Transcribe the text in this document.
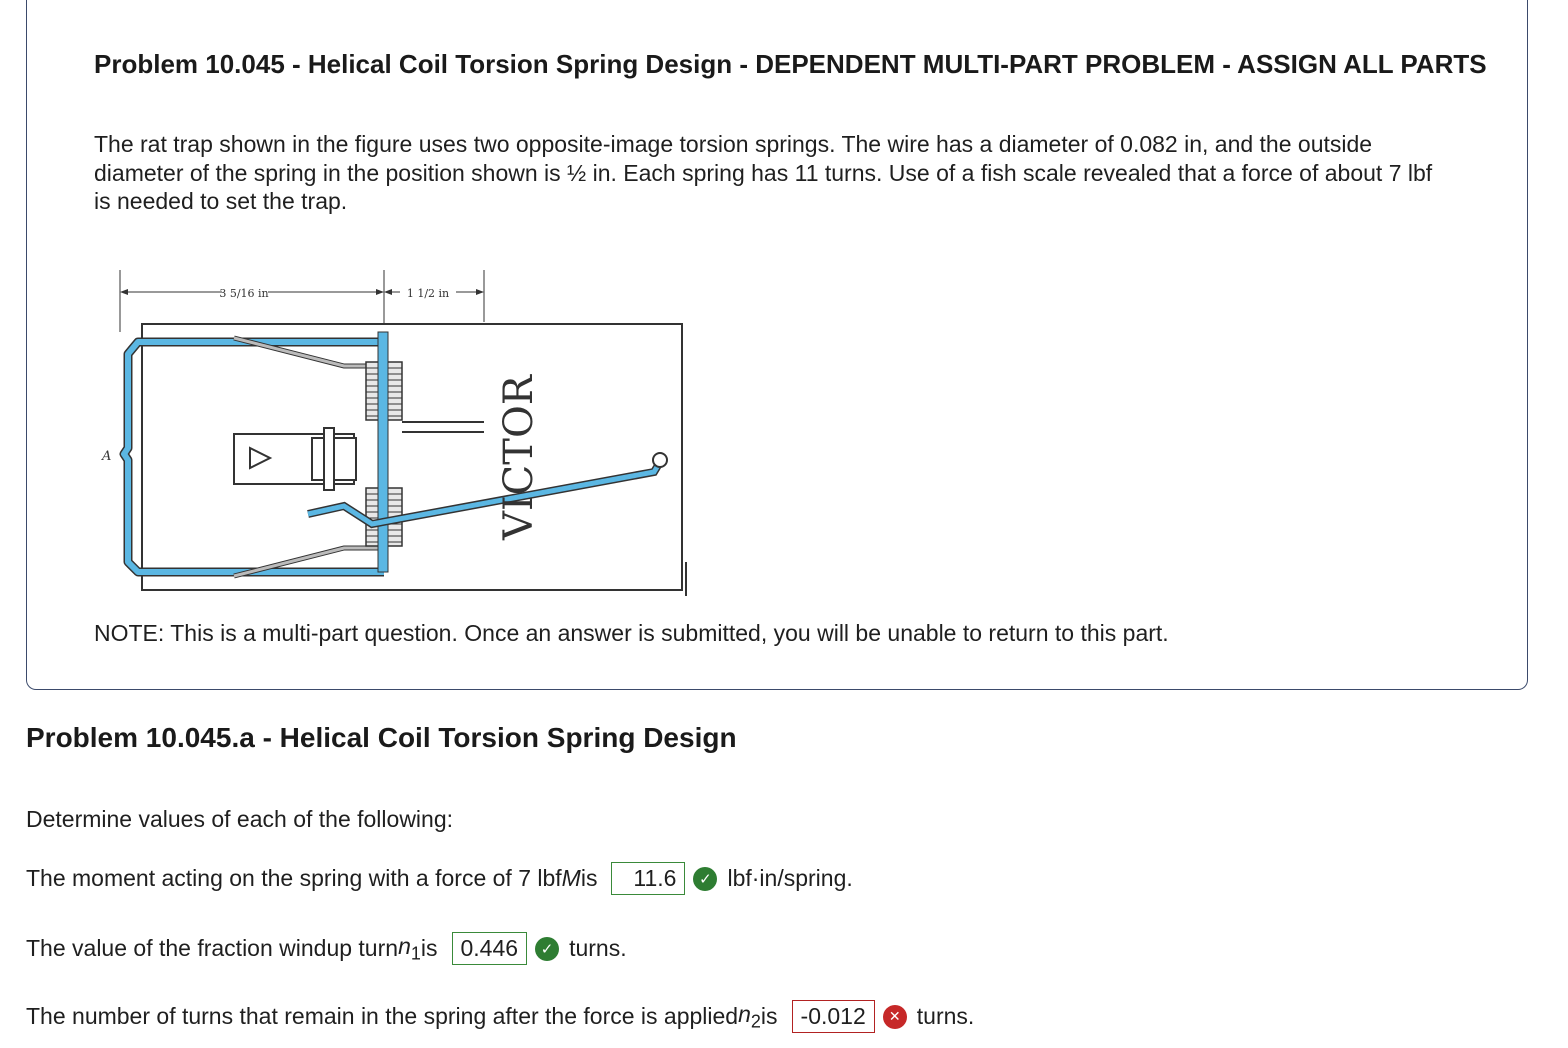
Problem 10.045 - Helical Coil Torsion Spring Design - DEPENDENT MULTI-PART PROBLEM - ASSIGN ALL PARTS

The rat trap shown in the figure uses two opposite-image torsion springs. The wire has a diameter of 0.082 in, and the outside diameter of the spring in the position shown is ½ in. Each spring has 11 turns. Use of a fish scale revealed that a force of about 7 lbf is needed to set the trap.

3 5/16 in	1 1/2 in
VICTOR
A

NOTE: This is a multi-part question. Once an answer is submitted, you will be unable to return to this part.

Problem 10.045.a - Helical Coil Torsion Spring Design

Determine values of each of the following:

The moment acting on the spring with a force of 7 lbf M is	11.6	✓ lbf·in/spring.
The value of the fraction windup turn $n_1$ is	0.446	✓ turns.
The number of turns that remain in the spring after the force is applied $n_2$ is	-0.012	✕ turns.
